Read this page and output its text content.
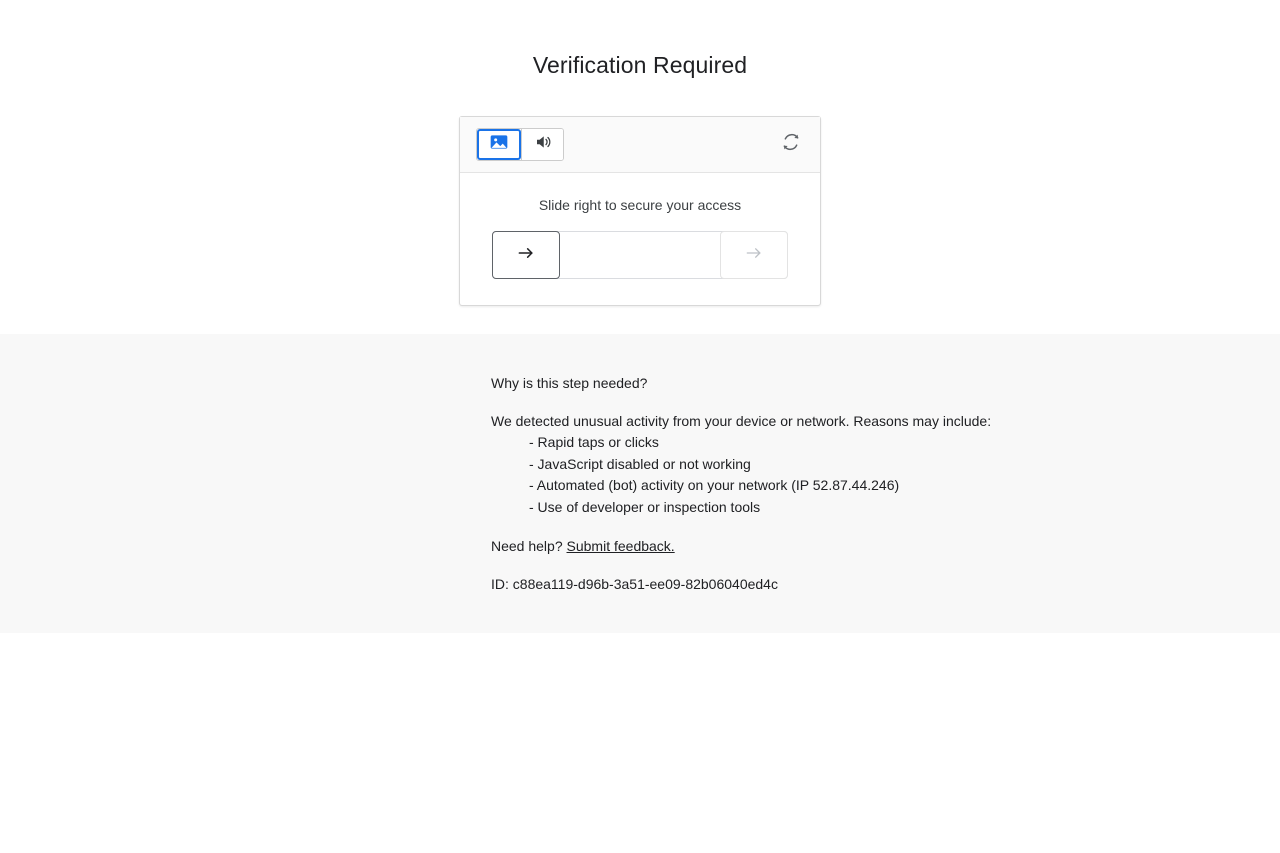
Verification Required
Slide right to secure your access
Why is this step needed?
We detected unusual activity from your device or network. Reasons may include:
- Rapid taps or clicks
- JavaScript disabled or not working
- Automated (bot) activity on your network (IP 52.87.44.246)
- Use of developer or inspection tools
Need help? Submit feedback.
ID: c88ea119-d96b-3a51-ee09-82b06040ed4c
